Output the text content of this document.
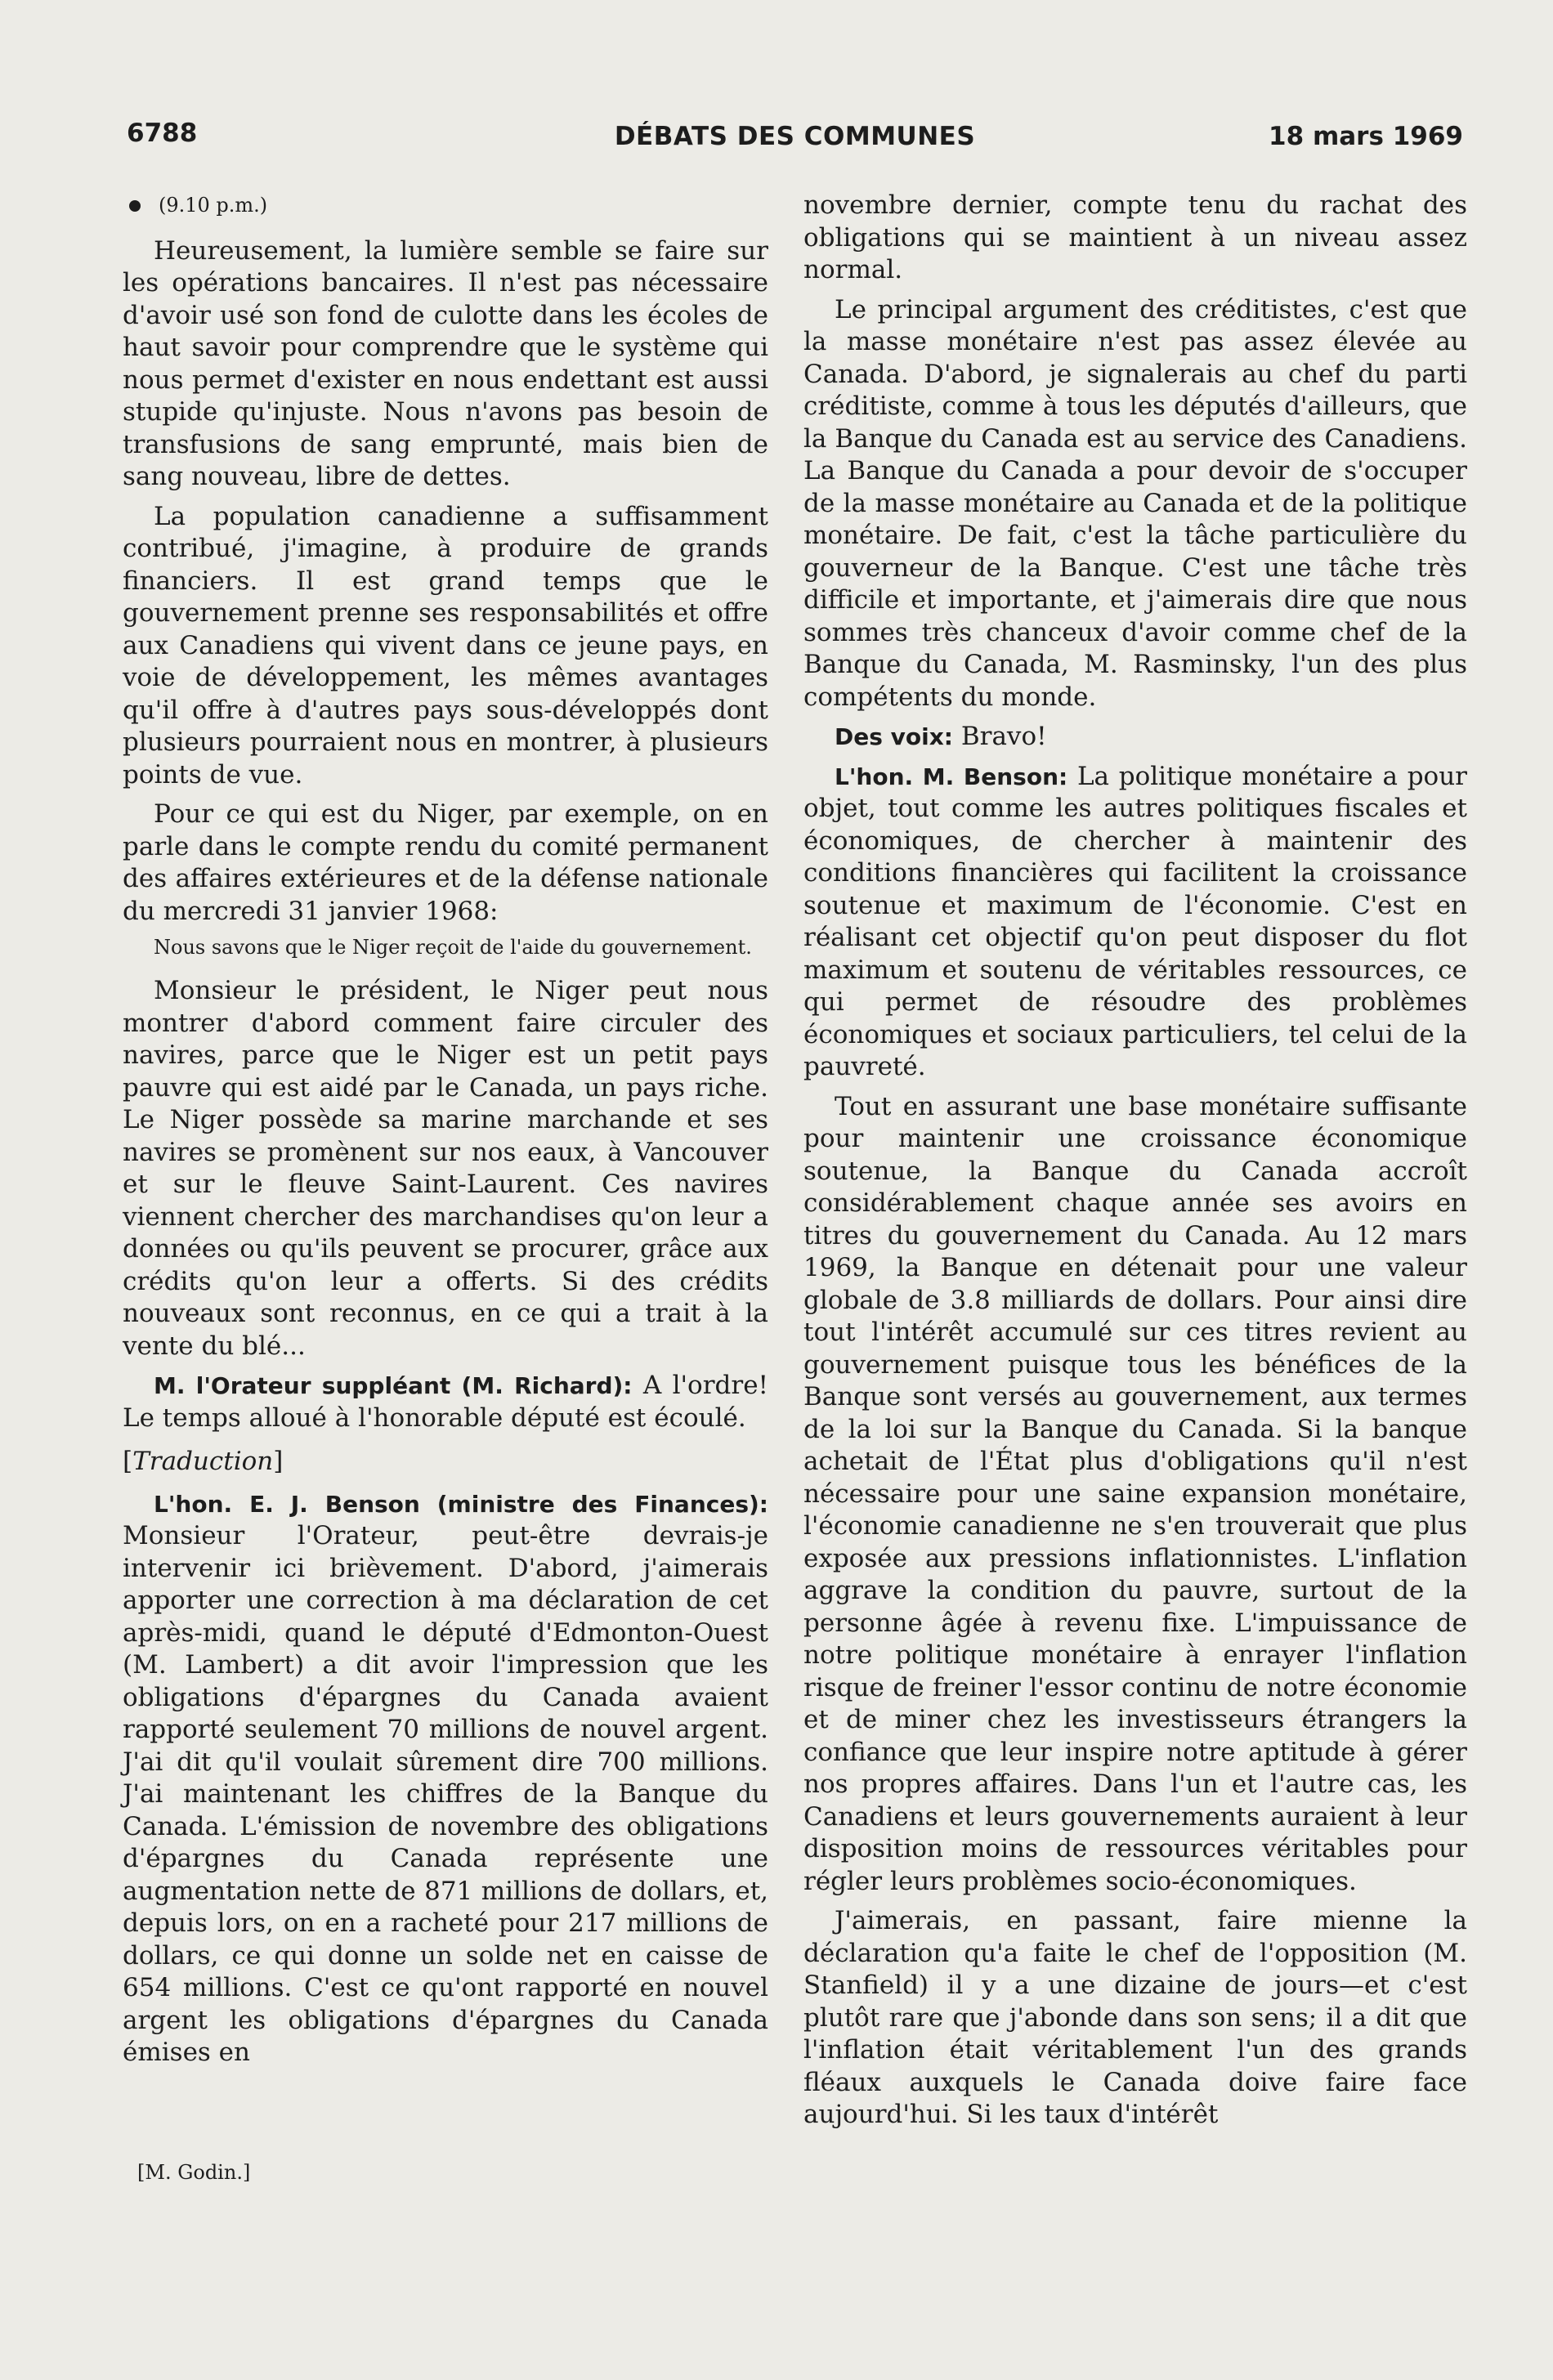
6788	DÉBATS DES COMMUNES	18 mars 1969
(9.10 p.m.)

Heureusement, la lumière semble se faire sur les opérations bancaires. Il n'est pas nécessaire d'avoir usé son fond de culotte dans les écoles de haut savoir pour comprendre que le système qui nous permet d'exister en nous endettant est aussi stupide qu'injuste. Nous n'avons pas besoin de transfusions de sang emprunté, mais bien de sang nouveau, libre de dettes.

La population canadienne a suffisamment contribué, j'imagine, à produire de grands financiers. Il est grand temps que le gouvernement prenne ses responsabilités et offre aux Canadiens qui vivent dans ce jeune pays, en voie de développement, les mêmes avantages qu'il offre à d'autres pays sous-développés dont plusieurs pourraient nous en montrer, à plusieurs points de vue.

Pour ce qui est du Niger, par exemple, on en parle dans le compte rendu du comité permanent des affaires extérieures et de la défense nationale du mercredi 31 janvier 1968:

Nous savons que le Niger reçoit de l'aide du gouvernement.

Monsieur le président, le Niger peut nous montrer d'abord comment faire circuler des navires, parce que le Niger est un petit pays pauvre qui est aidé par le Canada, un pays riche. Le Niger possède sa marine marchande et ses navires se promènent sur nos eaux, à Vancouver et sur le fleuve Saint-Laurent. Ces navires viennent chercher des marchandises qu'on leur a données ou qu'ils peuvent se procurer, grâce aux crédits qu'on leur a offerts. Si des crédits nouveaux sont reconnus, en ce qui a trait à la vente du blé...

M. l'Orateur suppléant (M. Richard): A l'ordre! Le temps alloué à l'honorable député est écoulé.

[Traduction]

L'hon. E. J. Benson (ministre des Finances): Monsieur l'Orateur, peut-être devrais-je intervenir ici brièvement. D'abord, j'aimerais apporter une correction à ma déclaration de cet après-midi, quand le député d'Edmonton-Ouest (M. Lambert) a dit avoir l'impression que les obligations d'épargnes du Canada avaient rapporté seulement 70 millions de nouvel argent. J'ai dit qu'il voulait sûrement dire 700 millions. J'ai maintenant les chiffres de la Banque du Canada. L'émission de novembre des obligations d'épargnes du Canada représente une augmentation nette de 871 millions de dollars, et, depuis lors, on en a racheté pour 217 millions de dollars, ce qui donne un solde net en caisse de 654 millions. C'est ce qu'ont rapporté en nouvel argent les obligations d'épargnes du Canada émises en

novembre dernier, compte tenu du rachat des obligations qui se maintient à un niveau assez normal.

Le principal argument des créditistes, c'est que la masse monétaire n'est pas assez élevée au Canada. D'abord, je signalerais au chef du parti créditiste, comme à tous les députés d'ailleurs, que la Banque du Canada est au service des Canadiens. La Banque du Canada a pour devoir de s'occuper de la masse monétaire au Canada et de la politique monétaire. De fait, c'est la tâche particulière du gouverneur de la Banque. C'est une tâche très difficile et importante, et j'aimerais dire que nous sommes très chanceux d'avoir comme chef de la Banque du Canada, M. Rasminsky, l'un des plus compétents du monde.

Des voix: Bravo!

L'hon. M. Benson: La politique monétaire a pour objet, tout comme les autres politiques fiscales et économiques, de chercher à maintenir des conditions financières qui facilitent la croissance soutenue et maximum de l'économie. C'est en réalisant cet objectif qu'on peut disposer du flot maximum et soutenu de véritables ressources, ce qui permet de résoudre des problèmes économiques et sociaux particuliers, tel celui de la pauvreté.

Tout en assurant une base monétaire suffisante pour maintenir une croissance économique soutenue, la Banque du Canada accroît considérablement chaque année ses avoirs en titres du gouvernement du Canada. Au 12 mars 1969, la Banque en détenait pour une valeur globale de 3.8 milliards de dollars. Pour ainsi dire tout l'intérêt accumulé sur ces titres revient au gouvernement puisque tous les bénéfices de la Banque sont versés au gouvernement, aux termes de la loi sur la Banque du Canada. Si la banque achetait de l'État plus d'obligations qu'il n'est nécessaire pour une saine expansion monétaire, l'économie canadienne ne s'en trouverait que plus exposée aux pressions inflationnistes. L'inflation aggrave la condition du pauvre, surtout de la personne âgée à revenu fixe. L'impuissance de notre politique monétaire à enrayer l'inflation risque de freiner l'essor continu de notre économie et de miner chez les investisseurs étrangers la confiance que leur inspire notre aptitude à gérer nos propres affaires. Dans l'un et l'autre cas, les Canadiens et leurs gouvernements auraient à leur disposition moins de ressources véritables pour régler leurs problèmes socio-économiques.

J'aimerais, en passant, faire mienne la déclaration qu'a faite le chef de l'opposition (M. Stanfield) il y a une dizaine de jours—et c'est plutôt rare que j'abonde dans son sens; il a dit que l'inflation était véritablement l'un des grands fléaux auxquels le Canada doive faire face aujourd'hui. Si les taux d'intérêt

[M. Godin.]
